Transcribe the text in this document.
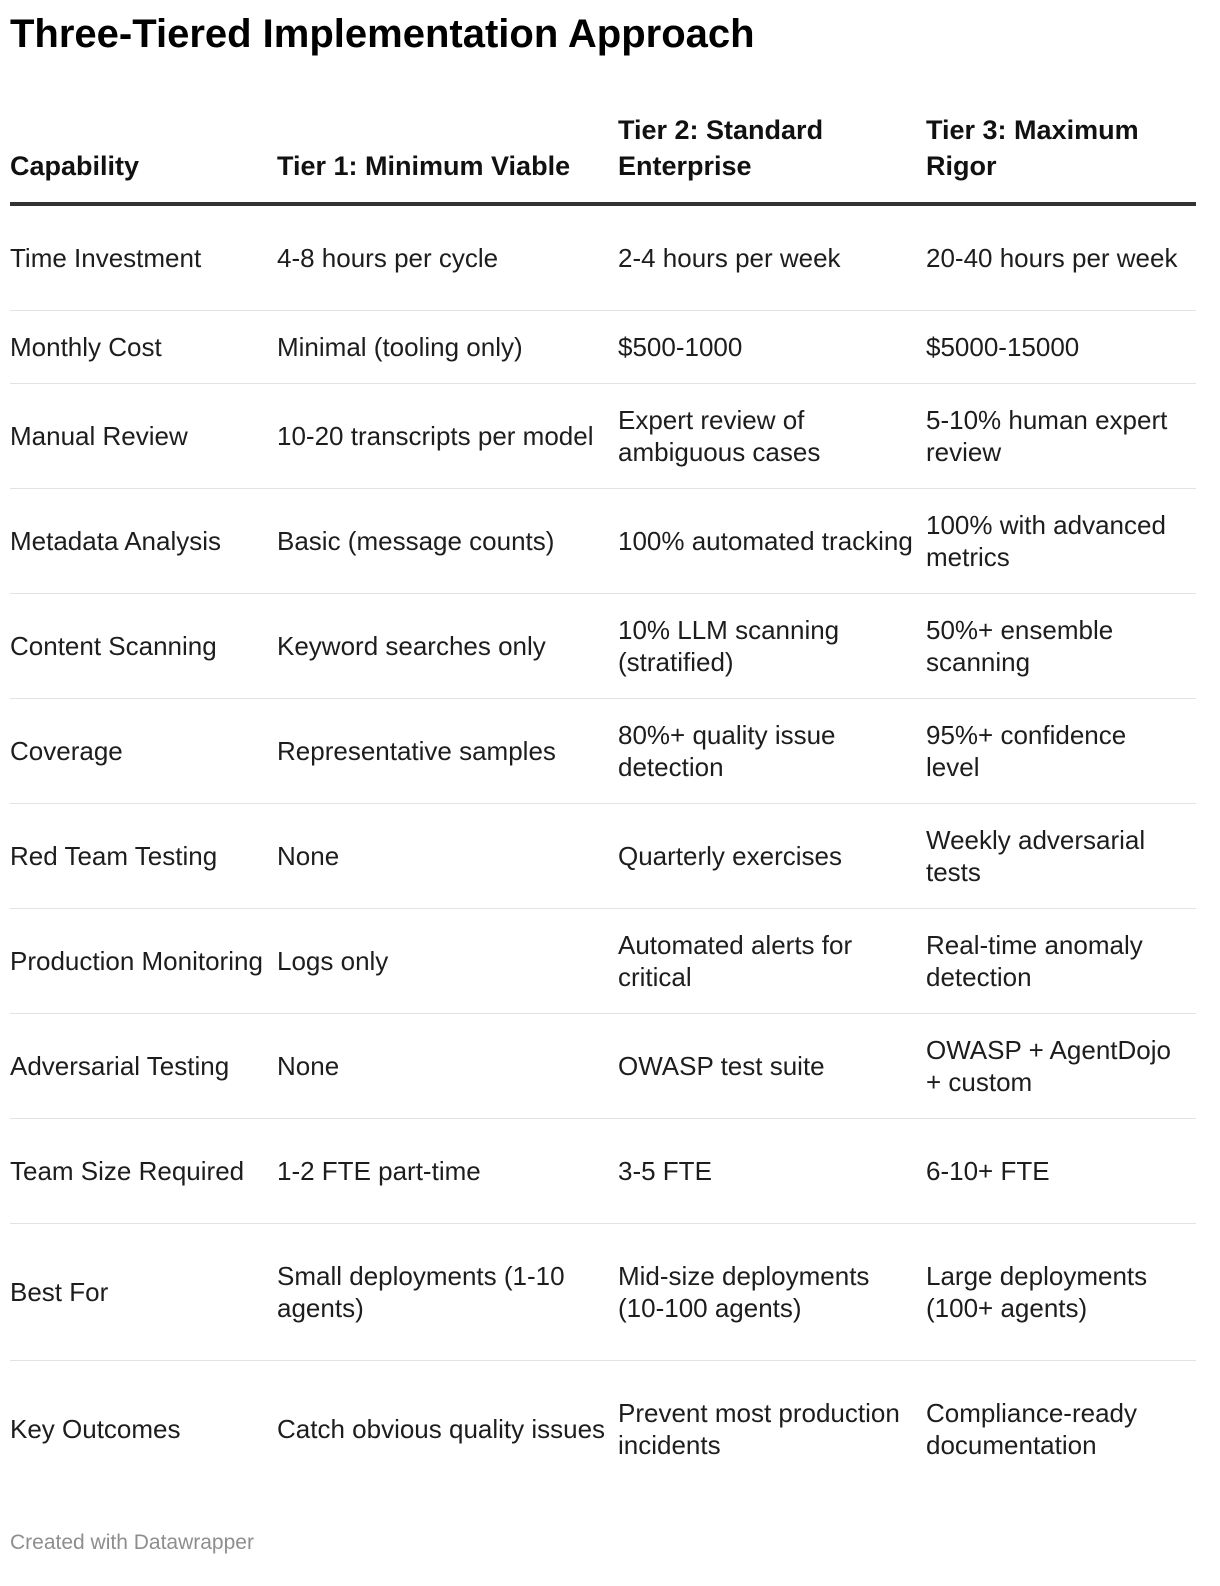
Three-Tiered Implementation Approach
Capability	Tier 1: Minimum Viable	Tier 2: Standard Enterprise	Tier 3: Maximum Rigor
Time Investment	4-8 hours per cycle	2-4 hours per week	20-40 hours per week
Monthly Cost	Minimal (tooling only)	$500-1000	$5000-15000
Manual Review	10-20 transcripts per model	Expert review of ambiguous cases	5-10% human expert review
Metadata Analysis	Basic (message counts)	100% automated tracking	100% with advanced metrics
Content Scanning	Keyword searches only	10% LLM scanning (stratified)	50%+ ensemble scanning
Coverage	Representative samples	80%+ quality issue detection	95%+ confidence level
Red Team Testing	None	Quarterly exercises	Weekly adversarial tests
Production Monitoring	Logs only	Automated alerts for critical	Real-time anomaly detection
Adversarial Testing	None	OWASP test suite	OWASP + AgentDojo + custom
Team Size Required	1-2 FTE part-time	3-5 FTE	6-10+ FTE
Best For	Small deployments (1-10 agents)	Mid-size deployments (10-100 agents)	Large deployments (100+ agents)
Key Outcomes	Catch obvious quality issues	Prevent most production incidents	Compliance-ready documentation
Created with Datawrapper
